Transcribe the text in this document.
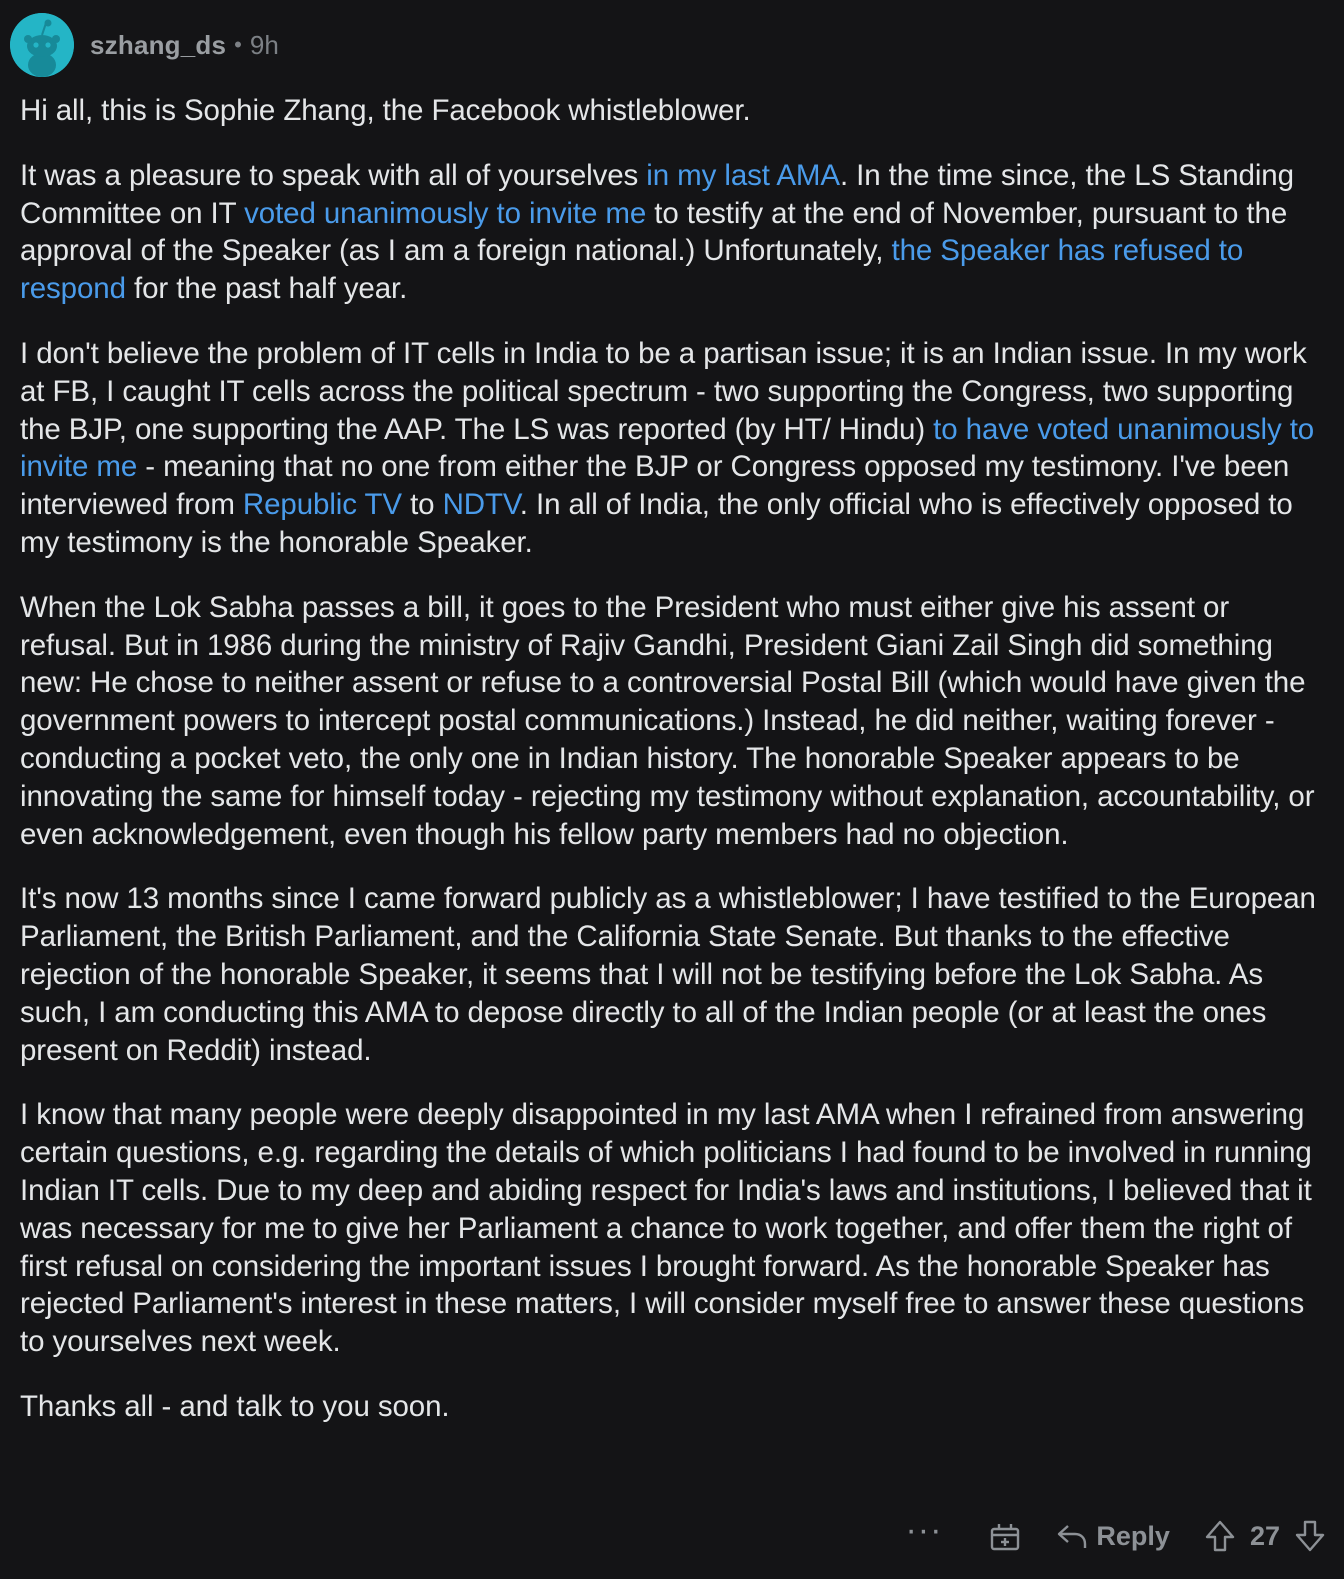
szhang_ds • 9h

Hi all, this is Sophie Zhang, the Facebook whistleblower.

It was a pleasure to speak with all of yourselves in my last AMA. In the time since, the LS Standing Committee on IT voted unanimously to invite me to testify at the end of November, pursuant to the approval of the Speaker (as I am a foreign national.) Unfortunately, the Speaker has refused to respond for the past half year.

I don't believe the problem of IT cells in India to be a partisan issue; it is an Indian issue. In my work at FB, I caught IT cells across the political spectrum - two supporting the Congress, two supporting the BJP, one supporting the AAP. The LS was reported (by HT/ Hindu) to have voted unanimously to invite me - meaning that no one from either the BJP or Congress opposed my testimony. I've been interviewed from Republic TV to NDTV. In all of India, the only official who is effectively opposed to my testimony is the honorable Speaker.

When the Lok Sabha passes a bill, it goes to the President who must either give his assent or refusal. But in 1986 during the ministry of Rajiv Gandhi, President Giani Zail Singh did something new: He chose to neither assent or refuse to a controversial Postal Bill (which would have given the government powers to intercept postal communications.) Instead, he did neither, waiting forever - conducting a pocket veto, the only one in Indian history. The honorable Speaker appears to be innovating the same for himself today - rejecting my testimony without explanation, accountability, or even acknowledgement, even though his fellow party members had no objection.

It's now 13 months since I came forward publicly as a whistleblower; I have testified to the European Parliament, the British Parliament, and the California State Senate. But thanks to the effective rejection of the honorable Speaker, it seems that I will not be testifying before the Lok Sabha. As such, I am conducting this AMA to depose directly to all of the Indian people (or at least the ones present on Reddit) instead.

I know that many people were deeply disappointed in my last AMA when I refrained from answering certain questions, e.g. regarding the details of which politicians I had found to be involved in running Indian IT cells. Due to my deep and abiding respect for India's laws and institutions, I believed that it was necessary for me to give her Parliament a chance to work together, and offer them the right of first refusal on considering the important issues I brought forward. As the honorable Speaker has rejected Parliament's interest in these matters, I will consider myself free to answer these questions to yourselves next week.

Thanks all - and talk to you soon.

···	Reply	27
